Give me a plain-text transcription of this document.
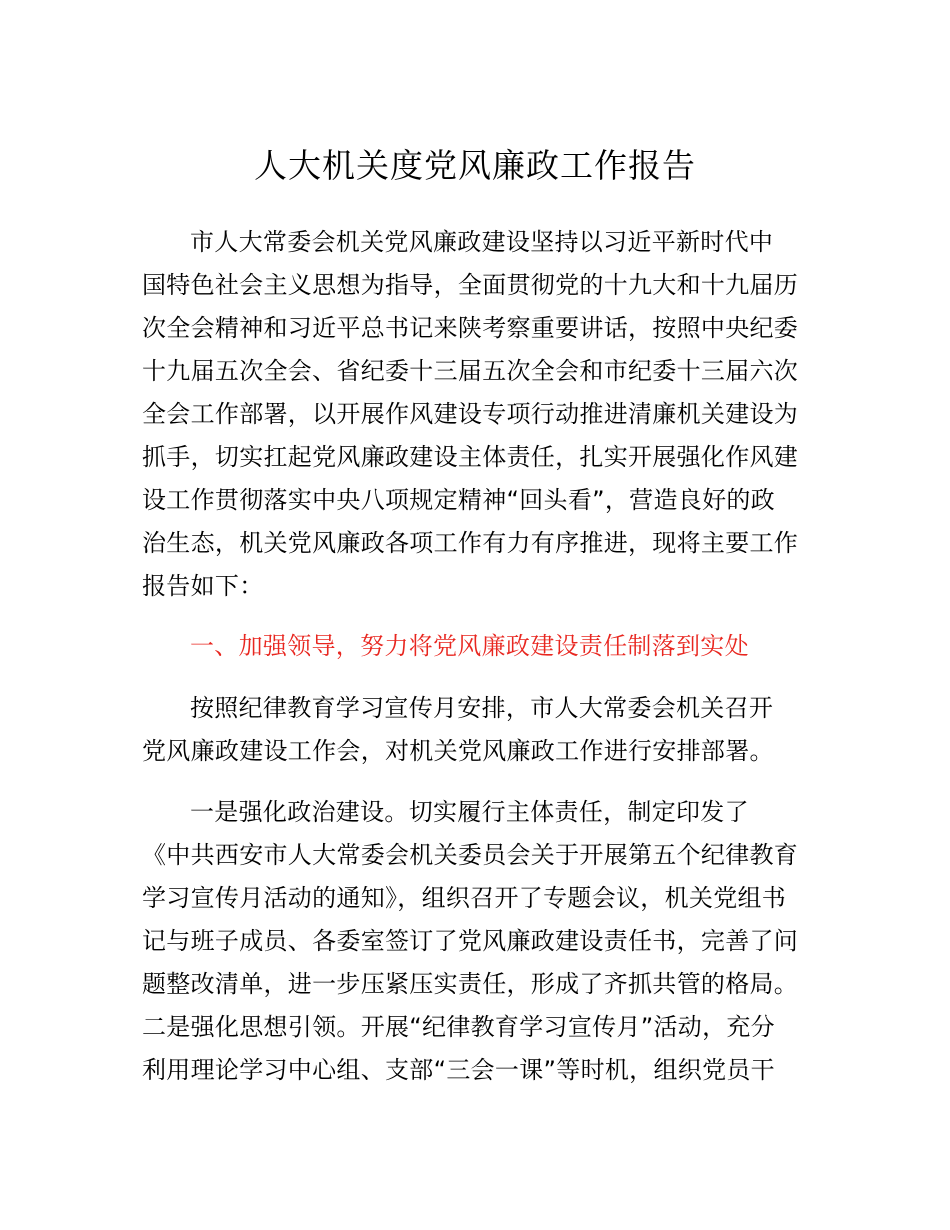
人大机关度党风廉政工作报告
市人大常委会机关党风廉政建设坚持以习近平新时代中
国特色社会主义思想为指导，全面贯彻党的十九大和十九届历
次全会精神和习近平总书记来陕考察重要讲话，按照中央纪委
十九届五次全会、省纪委十三届五次全会和市纪委十三届六次
全会工作部署，以开展作风建设专项行动推进清廉机关建设为
抓手，切实扛起党风廉政建设主体责任，扎实开展强化作风建
设工作贯彻落实中央八项规定精神“回头看”，营造良好的政
治生态，机关党风廉政各项工作有力有序推进，现将主要工作
报告如下：
一、加强领导，努力将党风廉政建设责任制落到实处
按照纪律教育学习宣传月安排，市人大常委会机关召开
党风廉政建设工作会，对机关党风廉政工作进行安排部署。
一是强化政治建设。切实履行主体责任，制定印发了
《中共西安市人大常委会机关委员会关于开展第五个纪律教育
学习宣传月活动的通知》，组织召开了专题会议，机关党组书
记与班子成员、各委室签订了党风廉政建设责任书，完善了问
题整改清单，进一步压紧压实责任，形成了齐抓共管的格局。
二是强化思想引领。开展“纪律教育学习宣传月”活动，充分
利用理论学习中心组、支部“三会一课”等时机，组织党员干
